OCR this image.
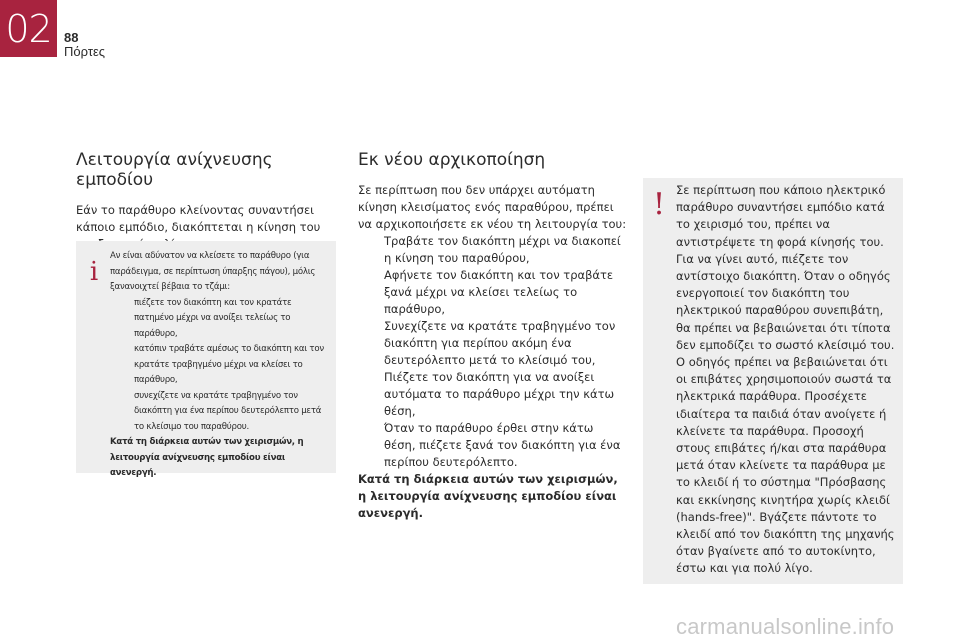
02 88
Πόρτες
Λειτουργία ανίχνευσης εμποδίου

Εάν το παράθυρο κλείνοντας συναντήσει κάποιο εμπόδιο, διακόπτεται η κίνηση του

Αν είναι αδύνατον να κλείσετε το παράθυρο (για παράδειγμα, σε περίπτωση ύπαρξης πάγου), μόλις ξανανοιχτεί βέβαια το τζάμι:
πιέζετε τον διακόπτη και τον κρατάτε πατημένο μέχρι να ανοίξει τελείως το παράθυρο,
κατόπιν τραβάτε αμέσως το διακόπτη και τον κρατάτε τραβηγμένο μέχρι να κλείσει το παράθυρο,
συνεχίζετε να κρατάτε τραβηγμένο τον διακόπτη για ένα περίπου δευτερόλεπτο μετά το κλείσιμο του παραθύρου.
Κατά τη διάρκεια αυτών των χειρισμών, η λειτουργία ανίχνευσης εμποδίου είναι ανενεργή.
i
Εκ νέου αρχικοποίηση
Σε περίπτωση που δεν υπάρχει αυτόματη κίνηση κλεισίματος ενός παραθύρου, πρέπει να αρχικοποιήσετε εκ νέου τη λειτουργία του:
Τραβάτε τον διακόπτη μέχρι να διακοπεί η κίνηση του παραθύρου,
Αφήνετε τον διακόπτη και τον τραβάτε ξανά μέχρι να κλείσει τελείως το παράθυρο,
Συνεχίζετε να κρατάτε τραβηγμένο τον διακόπτη για περίπου ακόμη ένα δευτερόλεπτο μετά το κλείσιμό του,
Πιέζετε τον διακόπτη για να ανοίξει αυτόματα το παράθυρο μέχρι την κάτω θέση,
Όταν το παράθυρο έρθει στην κάτω θέση, πιέζετε ξανά τον διακόπτη για ένα περίπου δευτερόλεπτο.
Κατά τη διάρκεια αυτών των χειρισμών, η λειτουργία ανίχνευσης εμποδίου είναι ανενεργή.
Σε περίπτωση που κάποιο ηλεκτρικό παράθυρο συναντήσει εμπόδιο κατά το χειρισμό του, πρέπει να αντιστρέψετε τη φορά κίνησής του. Για να γίνει αυτό, πιέζετε τον αντίστοιχο διακόπτη. Όταν ο οδηγός ενεργοποιεί τον διακόπτη του ηλεκτρικού παραθύρου συνεπιβάτη, θα πρέπει να βεβαιώνεται ότι τίποτα δεν εμποδίζει το σωστό κλείσιμό του. Ο οδηγός πρέπει να βεβαιώνεται ότι οι επιβάτες χρησιμοποιούν σωστά τα ηλεκτρικά παράθυρα. Προσέχετε ιδιαίτερα τα παιδιά όταν ανοίγετε ή κλείνετε τα παράθυρα. Προσοχή στους επιβάτες ή/και στα παράθυρα μετά όταν κλείνετε τα παράθυρα με το κλειδί ή το σύστημα "Πρόσβασης και εκκίνησης κινητήρα χωρίς κλειδί (hands-free)". Βγάζετε πάντοτε το κλειδί από τον διακόπτη της μηχανής όταν βγαίνετε από το αυτοκίνητο, έστω και για πολύ λίγο.
!
carmanualsonline.info
